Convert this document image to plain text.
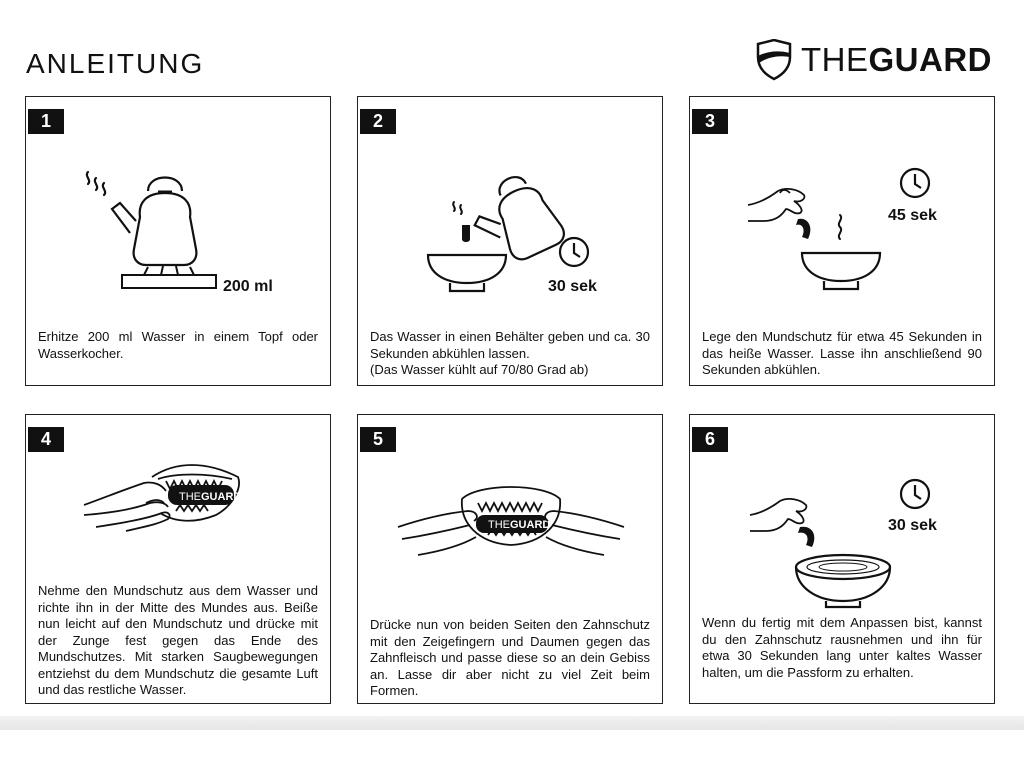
ANLEITUNG	THEGUARD
1
200 ml

Erhitze 200 ml Wasser in einem Topf oder Wasserkocher.

2
30 sek

Das Wasser in einen Behälter geben und ca. 30 Sekunden abkühlen lassen.

(Das Wasser kühlt auf 70/80 Grad ab)

3
45 sek

Lege den Mundschutz für etwa 45 Sekunden in das heiße Wasser. Lasse ihn anschließend 90 Sekunden abkühlen.

4
THEGUARD

Nehme den Mundschutz aus dem Wasser und richte ihn in der Mitte des Mundes aus. Beiße nun leicht auf den Mundschutz und drücke mit der Zunge fest gegen das Ende des Mundschutzes. Mit starken Saugbewegungen entziehst du dem Mundschutz die gesamte Luft und das restliche Wasser.

5
THEGUARD

Drücke nun von beiden Seiten den Zahnschutz mit den Zeigefingern und Daumen gegen das Zahnfleisch und passe diese so an dein Gebiss an. Lasse dir aber nicht zu viel Zeit beim Formen.

6
30 sek

Wenn du fertig mit dem Anpassen bist, kannst du den Zahnschutz rausnehmen und ihn für etwa 30 Sekunden lang unter kaltes Wasser halten, um die Passform zu erhalten.
